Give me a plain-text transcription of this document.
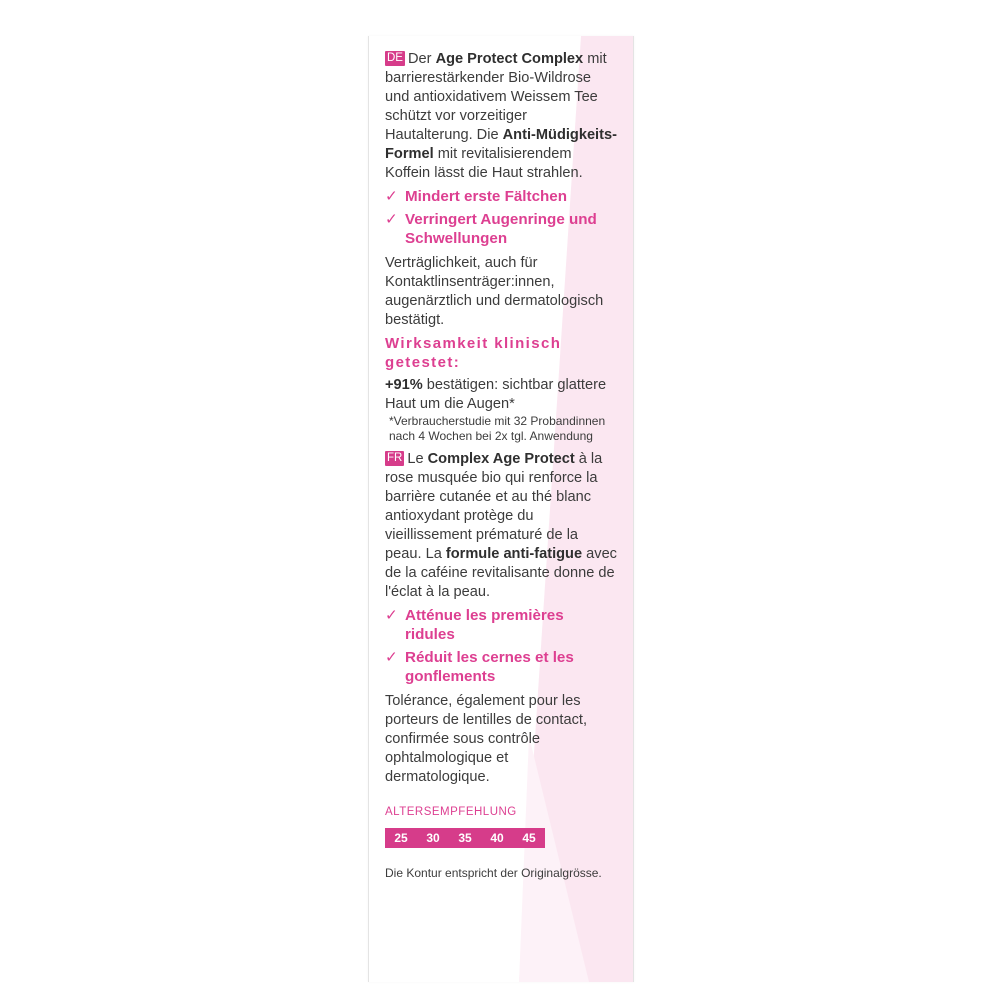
DE Der Age Protect Complex mit barrierestärkender Bio-Wildrose und antioxidativem Weissem Tee schützt vor vorzeitiger Hautalterung. Die Anti-Müdigkeits-Formel mit revitalisierendem Koffein lässt die Haut strahlen.

✓ Mindert erste Fältchen
✓ Verringert Augenringe und Schwellungen

Verträglichkeit, auch für Kontaktlinsenträger:innen, augenärztlich und dermatologisch bestätigt.

Wirksamkeit klinisch getestet:

+91% bestätigen: sichtbar glattere Haut um die Augen*

*Verbraucherstudie mit 32 Probandinnen nach 4 Wochen bei 2x tgl. Anwendung

FR Le Complex Age Protect à la rose musquée bio qui renforce la barrière cutanée et au thé blanc antioxydant protège du vieillissement prématuré de la peau. La formule anti-fatigue avec de la caféine revitalisante donne de l'éclat à la peau.

✓ Atténue les premières ridules
✓ Réduit les cernes et les gonflements

Tolérance, également pour les porteurs de lentilles de contact, confirmée sous contrôle ophtalmologique et dermatologique.

ALTERSEMPFEHLUNG
25	30	35	40	45

Die Kontur entspricht der Originalgrösse.
